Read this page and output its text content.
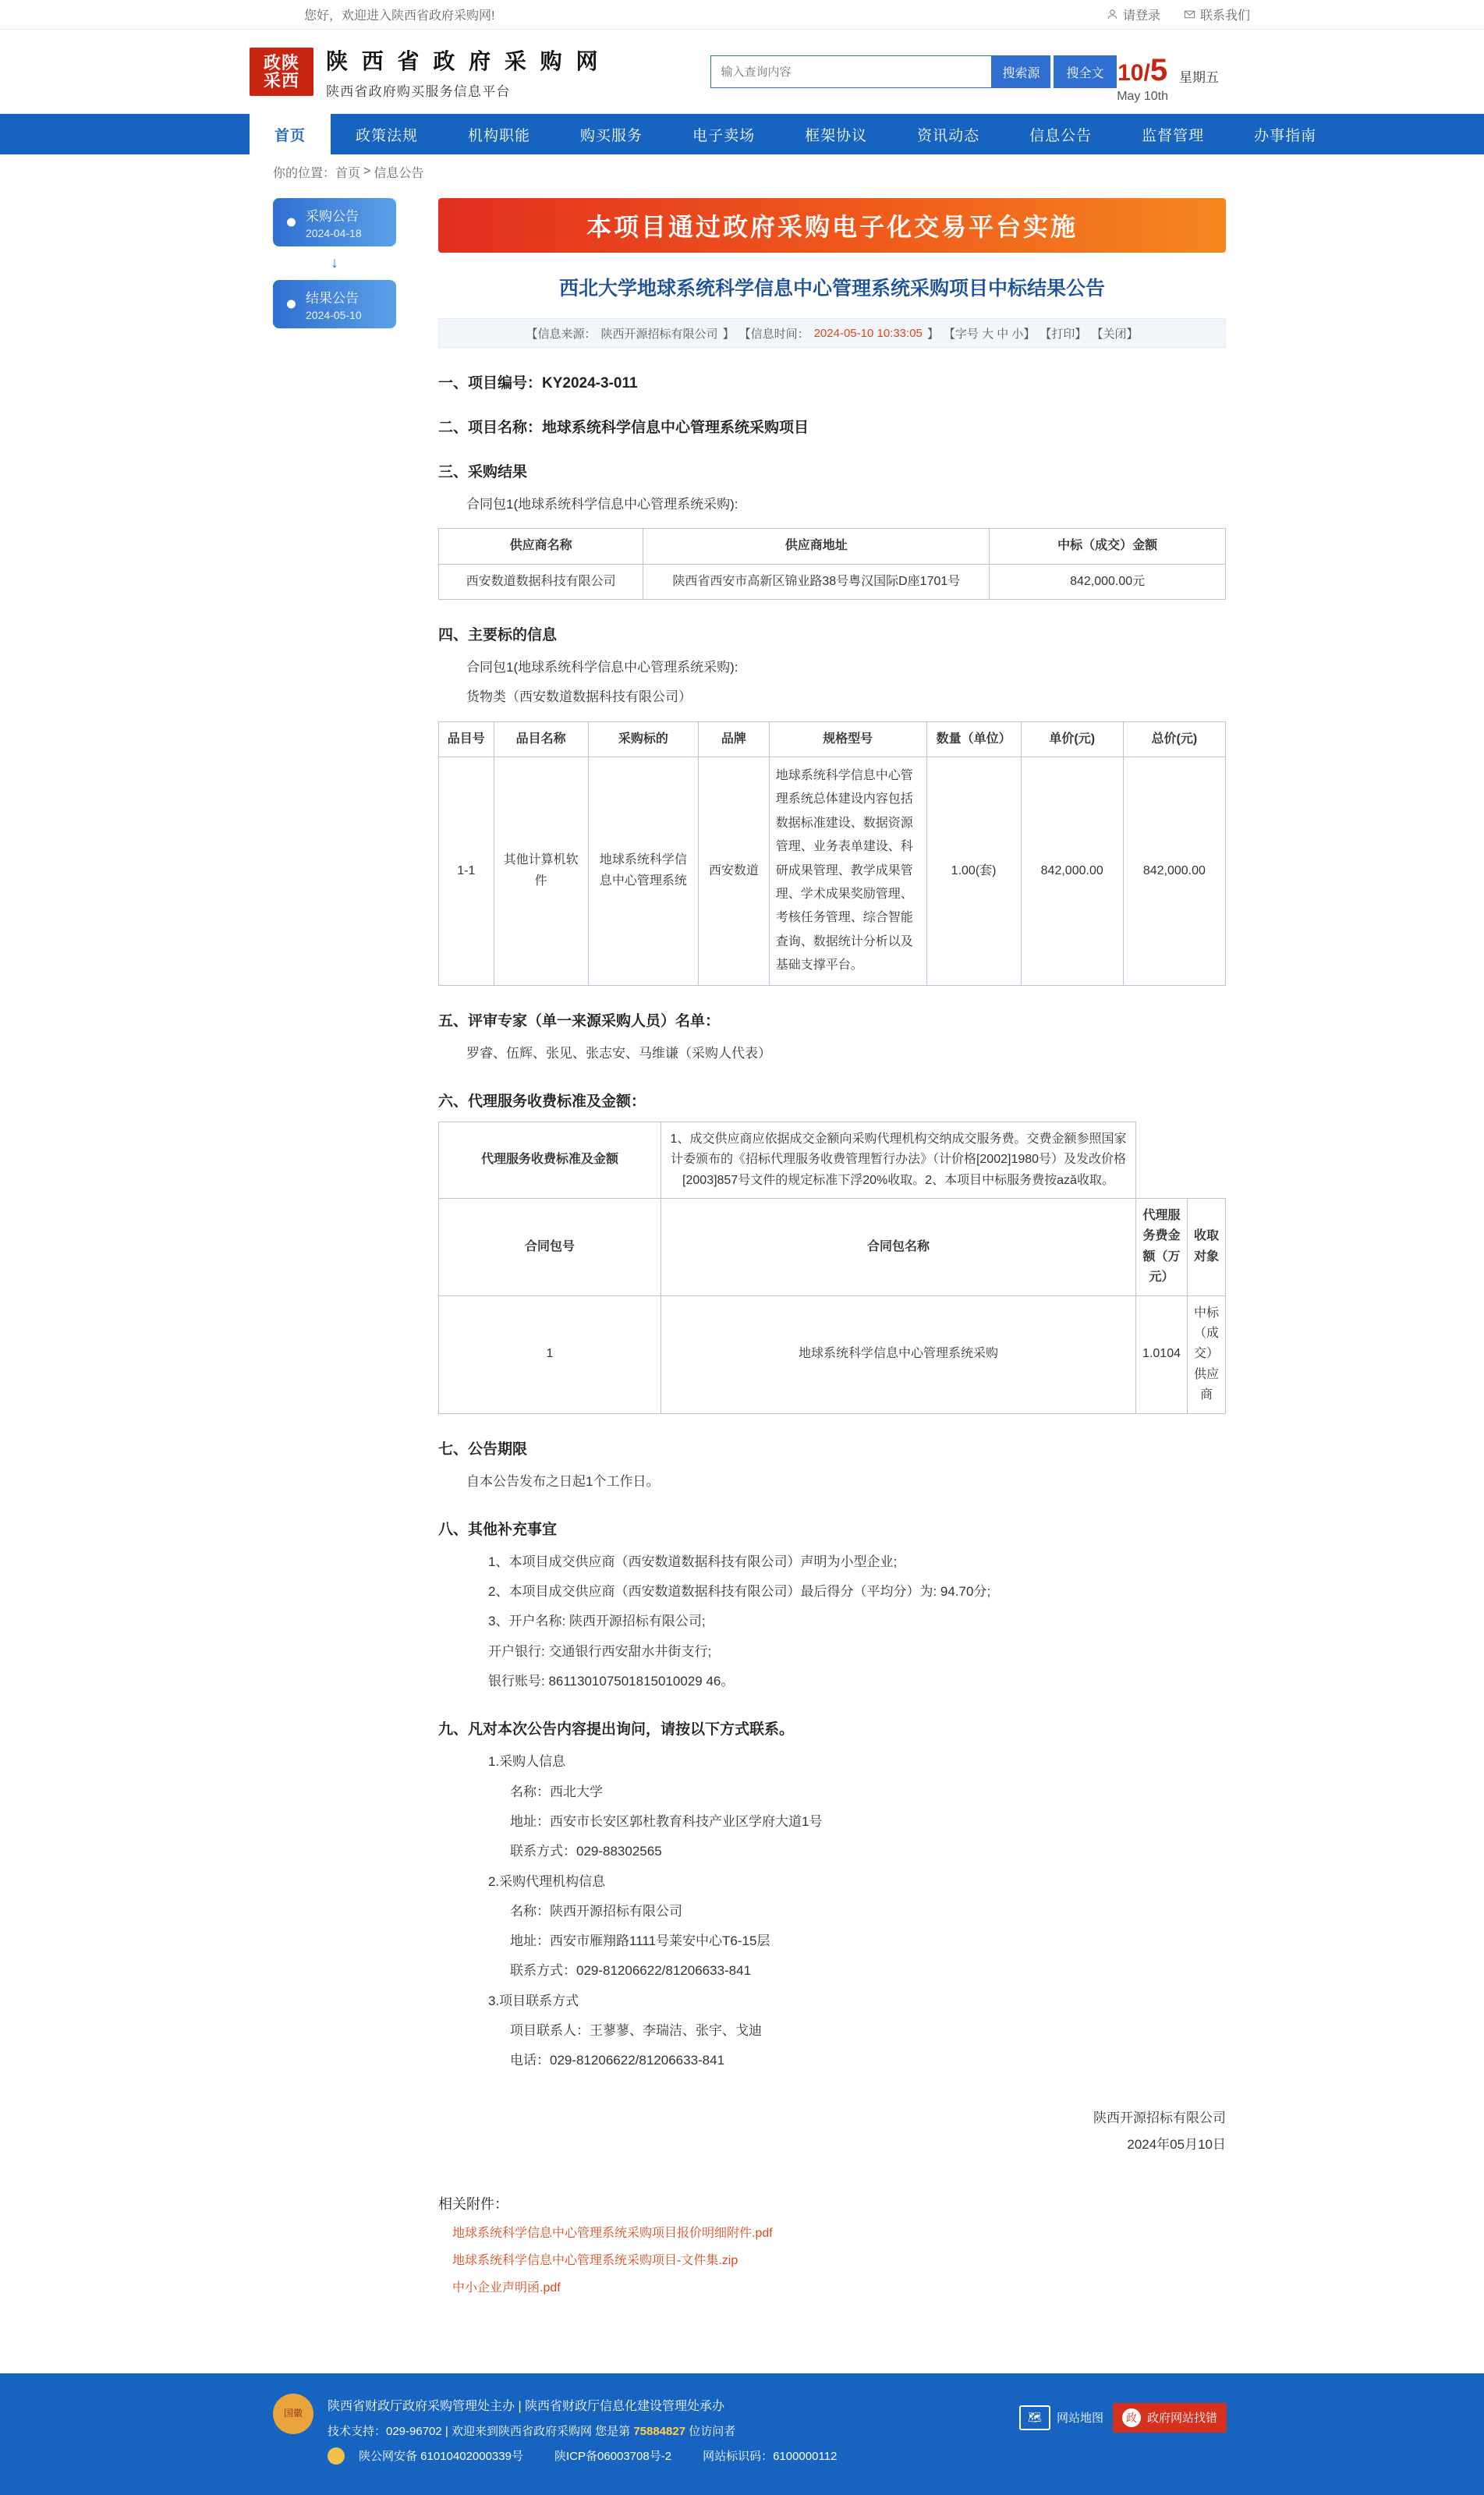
您好，欢迎进入陕西省政府采购网!	请登录	联系我们
政陕
采西
陕 西 省 政 府 采 购 网
陕西省政府购买服务信息平台
输入查询内容
搜索源	搜全文 10/5
May 10th
星期五
首页	政策法规	机构职能	购买服务	电子卖场	框架协议	资讯动态	信息公告	监督管理	办事指南
你的位置： 首页 > 信息公告
采购公告
2024-04-18
↓
结果公告
2024-05-10
本项目通过政府采购电子化交易平台实施
西北大学地球系统科学信息中心管理系统采购项目中标结果公告
【信息来源： 陕西开源招标有限公司 】 【信息时间： 2024-05-10 10:33:05 】 【字号 大 中 小】 【打印】 【关闭】
一、项目编号：KY2024-3-011
二、项目名称：地球系统科学信息中心管理系统采购项目
三、采购结果

合同包1(地球系统科学信息中心管理系统采购):

供应商名称	供应商地址	中标（成交）金额
西安数道数据科技有限公司	陕西省西安市高新区锦业路38号粤汉国际D座1701号	842,000.00元
四、主要标的信息

合同包1(地球系统科学信息中心管理系统采购):

货物类（西安数道数据科技有限公司）

品目号	品目名称	采购标的	品牌	规格型号	数量（单位）	单价(元)	总价(元)
1-1	其他计算机软件	地球系统科学信息中心管理系统	西安数道	地球系统科学信息中心管理系统总体建设内容包括数据标准建设、数据资源管理、业务表单建设、科研成果管理、教学成果管理、学术成果奖励管理、考核任务管理、综合智能查询、数据统计分析以及基础支撑平台。	1.00(套)	842,000.00	842,000.00
五、评审专家（单一来源采购人员）名单：

罗睿、伍辉、张见、张志安、马维谦（采购人代表）

六、代理服务收费标准及金额：
代理服务收费标准及金额	1、成交供应商应依据成交金额向采购代理机构交纳成交服务费。交费金额参照国家计委颁布的《招标代理服务收费管理暂行办法》（计价格[2002]1980号）及发改价格[2003]857号文件的规定标准下浮20%收取。2、本项目中标服务费按ază收取。		
合同包号	合同包名称	代理服务费金额（万元）	收取对象
1	地球系统科学信息中心管理系统采购	1.0104	中标（成交）供应商
七、公告期限

自本公告发布之日起1个工作日。

八、其他补充事宜

1、本项目成交供应商（西安数道数据科技有限公司）声明为小型企业;

2、本项目成交供应商（西安数道数据科技有限公司）最后得分（平均分）为: 94.70分;

3、开户名称: 陕西开源招标有限公司;

开户银行: 交通银行西安甜水井街支行;

银行账号: 861130107501815010029 46。

九、凡对本次公告内容提出询问，请按以下方式联系。

1.采购人信息

名称：西北大学

地址：西安市长安区郭杜教育科技产业区学府大道1号

联系方式：029-88302565

2.采购代理机构信息

名称：陕西开源招标有限公司

地址：西安市雁翔路1111号莱安中心T6-15层

联系方式：029-81206622/81206633-841

3.项目联系方式

项目联系人：王蓼蓼、李瑞洁、张宇、戈迪

电话：029-81206622/81206633-841

陕西开源招标有限公司
2024年05月10日
相关附件：
地球系统科学信息中心管理系统采购项目报价明细附件.pdf
地球系统科学信息中心管理系统采购项目-文件集.zip
中小企业声明函.pdf
国徽
陕西省财政厅政府采购管理处主办 | 陕西省财政厅信息化建设管理处承办
技术支持：029-96702 | 欢迎来到陕西省政府采购网 您是第 75884827 位访问者
陕公网安备 61010402000339号	陕ICP备06003708号-2	网站标识码：6100000112
🗺	网站地图	政 政府网站找错
